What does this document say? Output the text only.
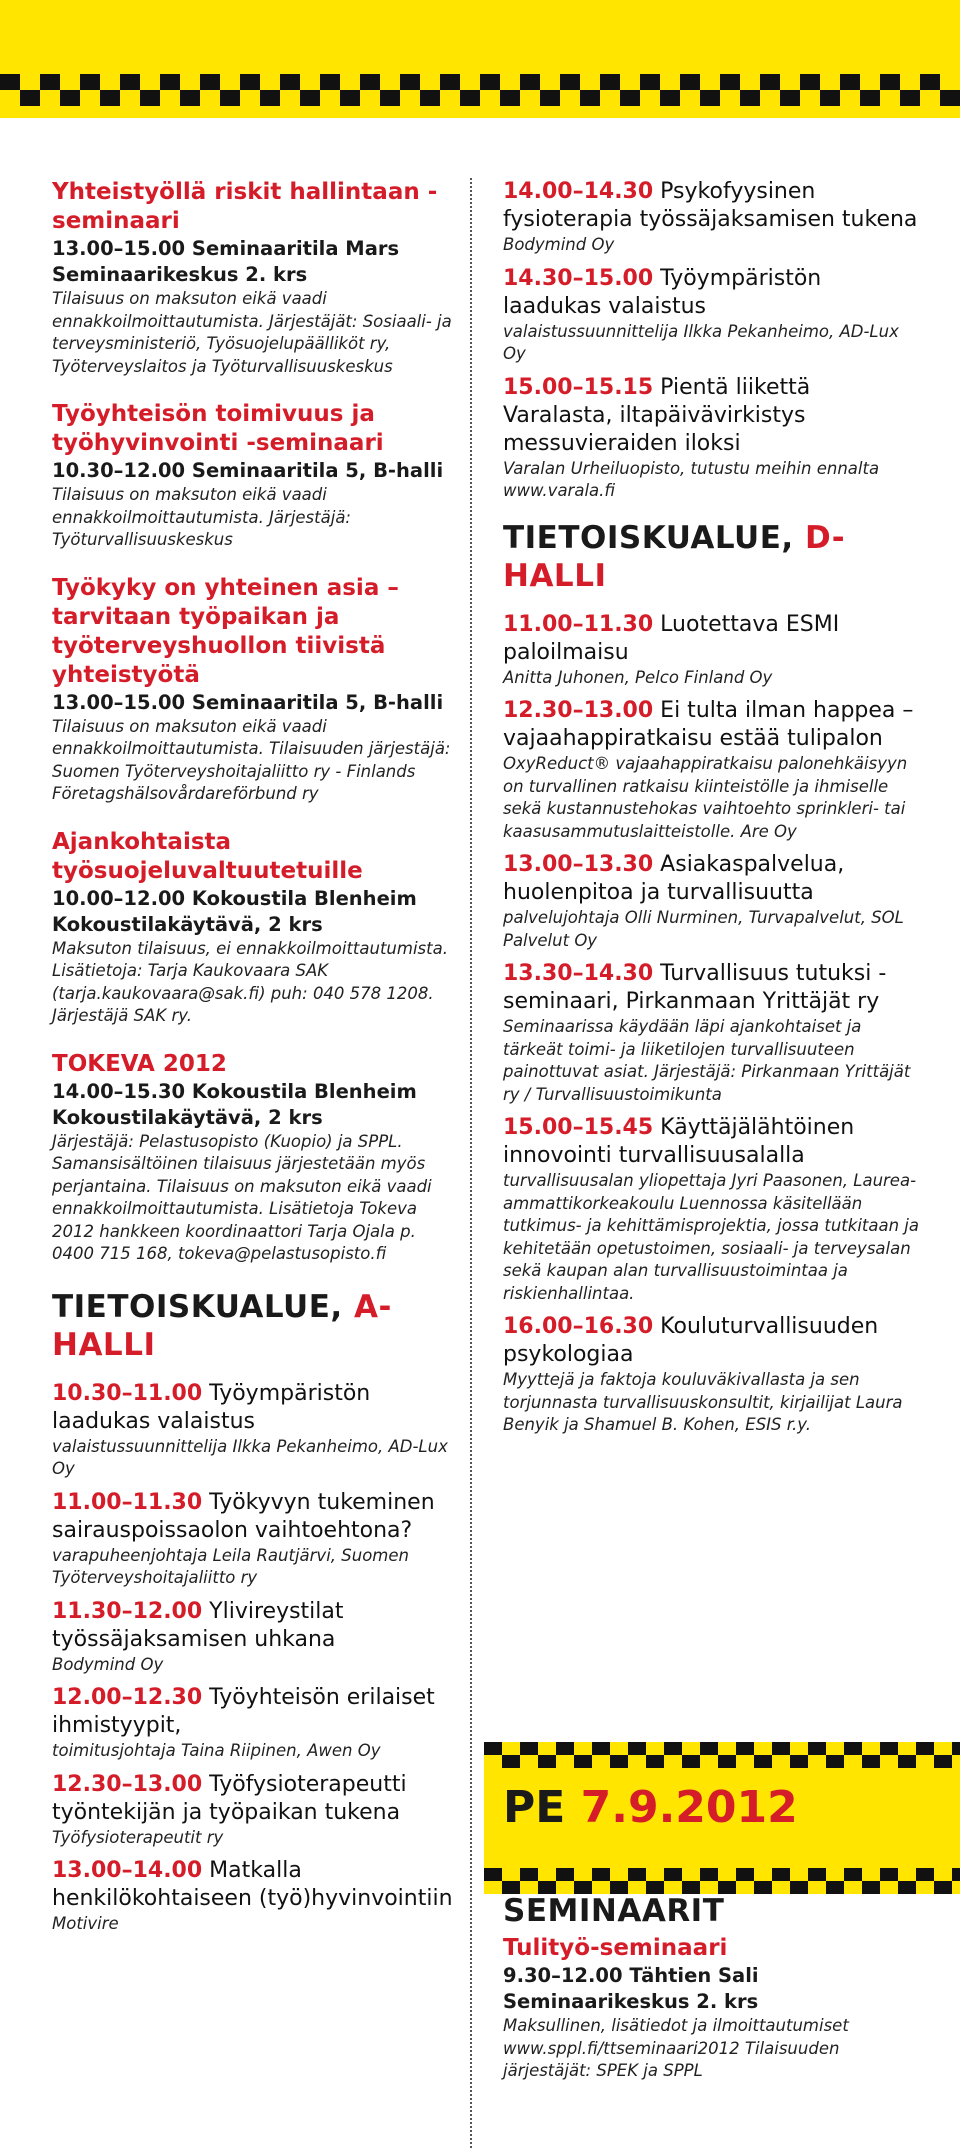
Yhteistyöllä riskit hallintaan -seminaari
13.00–15.00 Seminaaritila Mars Seminaarikeskus 2. krs
Tilaisuus on maksuton eikä vaadi ennakkoilmoittautumista. Järjestäjät: Sosiaali- ja terveysministeriö, Työsuojelupäälliköt ry, Työterveyslaitos ja Työturvallisuuskeskus
Työyhteisön toimivuus ja työhyvinvointi -seminaari
10.30–12.00 Seminaaritila 5, B-halli
Tilaisuus on maksuton eikä vaadi ennakkoilmoittautumista. Järjestäjä: Työturvallisuuskeskus
Työkyky on yhteinen asia – tarvitaan työpaikan ja työterveyshuollon tiivistä yhteistyötä
13.00–15.00 Seminaaritila 5, B-halli
Tilaisuus on maksuton eikä vaadi ennakkoilmoittautumista. Tilaisuuden järjestäjä: Suomen Työterveyshoitajaliitto ry - Finlands Företagshälsovårdareförbund ry
Ajankohtaista työsuojeluvaltuutetuille
10.00–12.00 Kokoustila Blenheim Kokoustilakäytävä, 2 krs
Maksuton tilaisuus, ei ennakkoilmoittautumista. Lisätietoja: Tarja Kaukovaara SAK (tarja.kaukovaara@sak.fi) puh: 040 578 1208. Järjestäjä SAK ry.
TOKEVA 2012
14.00–15.30 Kokoustila Blenheim Kokoustilakäytävä, 2 krs
Järjestäjä: Pelastusopisto (Kuopio) ja SPPL. Samansisältöinen tilaisuus järjestetään myös perjantaina. Tilaisuus on maksuton eikä vaadi ennakkoilmoittautumista. Lisätietoja Tokeva 2012 hankkeen koordinaattori Tarja Ojala p. 0400 715 168, tokeva@pelastusopisto.fi
TIETOISKUALUE, A-HALLI
10.30–11.00 Työympäristön laadukas valaistus
valaistussuunnittelija Ilkka Pekanheimo, AD-Lux Oy
11.00–11.30 Työkyvyn tukeminen sairauspoissaolon vaihtoehtona?
varapuheenjohtaja Leila Rautjärvi, Suomen Työterveyshoitajaliitto ry
11.30–12.00 Ylivireystilat työssäjaksamisen uhkana
Bodymind Oy
12.00–12.30 Työyhteisön erilaiset ihmistyypit,
toimitusjohtaja Taina Riipinen, Awen Oy
12.30–13.00 Työfysioterapeutti työntekijän ja työpaikan tukena
Työfysioterapeutit ry
13.00–14.00 Matkalla henkilökohtaiseen (työ)hyvinvointiin
Motivire
14.00–14.30 Psykofyysinen fysioterapia työssäjaksamisen tukena
Bodymind Oy
14.30–15.00 Työympäristön laadukas valaistus
valaistussuunnittelija Ilkka Pekanheimo, AD-Lux Oy
15.00–15.15 Pientä liikettä Varalasta, iltapäivävirkistys messuvieraiden iloksi
Varalan Urheiluopisto, tutustu meihin ennalta www.varala.fi
TIETOISKUALUE, D-HALLI
11.00–11.30 Luotettava ESMI paloilmaisu
Anitta Juhonen, Pelco Finland Oy
12.30–13.00 Ei tulta ilman happea – vajaahappiratkaisu estää tulipalon
OxyReduct® vajaahappiratkaisu palonehkäisyyn on turvallinen ratkaisu kiinteistölle ja ihmiselle sekä kustannustehokas vaihtoehto sprinkleri- tai kaasusammutuslaitteistolle. Are Oy
13.00–13.30 Asiakaspalvelua, huolenpitoa ja turvallisuutta
palvelujohtaja Olli Nurminen, Turvapalvelut, SOL Palvelut Oy
13.30–14.30 Turvallisuus tutuksi -seminaari, Pirkanmaan Yrittäjät ry
Seminaarissa käydään läpi ajankohtaiset ja tärkeät toimi- ja liiketilojen turvallisuuteen painottuvat asiat. Järjestäjä: Pirkanmaan Yrittäjät ry / Turvallisuustoimikunta
15.00–15.45 Käyttäjälähtöinen innovointi turvallisuusalalla
turvallisuusalan yliopettaja Jyri Paasonen, Laurea-ammattikorkeakoulu Luennossa käsitellään tutkimus- ja kehittämisprojektia, jossa tutkitaan ja kehitetään opetustoimen, sosiaali- ja terveysalan sekä kaupan alan turvallisuustoimintaa ja riskienhallintaa.
16.00–16.30 Kouluturvallisuuden psykologiaa
Myyttejä ja faktoja kouluväkivallasta ja sen torjunnasta turvallisuuskonsultit, kirjailijat Laura Benyik ja Shamuel B. Kohen, ESIS r.y.
PE 7.9.2012
SEMINAARIT
Tulityö-seminaari
9.30–12.00 Tähtien Sali Seminaarikeskus 2. krs
Maksullinen, lisätiedot ja ilmoittautumiset www.sppl.fi/ttseminaari2012 Tilaisuuden järjestäjät: SPEK ja SPPL
